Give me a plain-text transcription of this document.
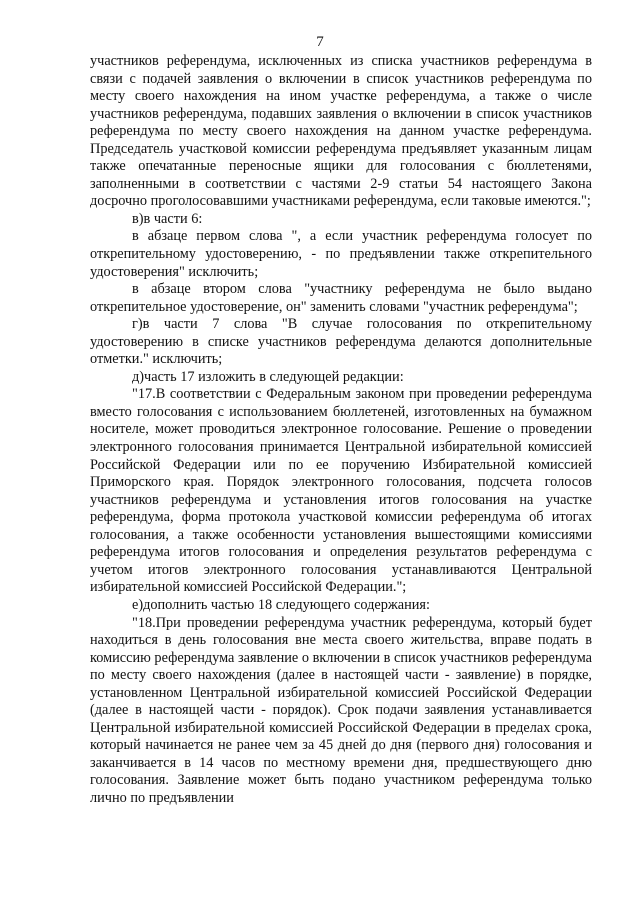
7

участников референдума, исключенных из списка участников референдума в связи с подачей заявления о включении в список участников референдума по месту своего нахождения на ином участке референдума, а также о числе участников референдума, подавших заявления о включении в список участников референдума по месту своего нахождения на данном участке референдума. Председатель участковой комиссии референдума предъявляет указанным лицам также опечатанные переносные ящики для голосования с бюллетенями, заполненными в соответствии с частями 2-9 статьи 54 настоящего Закона досрочно проголосовавшими участниками референдума, если таковые имеются.";

в)в части 6:

в абзаце первом слова ", а если участник референдума голосует по открепительному удостоверению, - по предъявлении также открепительного удостоверения" исключить;

в абзаце втором слова "участнику референдума не было выдано открепительное удостоверение, он" заменить словами "участник референдума";

г)в части 7 слова "В случае голосования по открепительному удостоверению в списке участников референдума делаются дополнительные отметки." исключить;

д)часть 17 изложить в следующей редакции:

"17.В соответствии с Федеральным законом при проведении референдума вместо голосования с использованием бюллетеней, изготовленных на бумажном носителе, может проводиться электронное голосование. Решение о проведении электронного голосования принимается Центральной избирательной комиссией Российской Федерации или по ее поручению Избирательной комиссией Приморского края. Порядок электронного голосования, подсчета голосов участников референдума и установления итогов голосования на участке референдума, форма протокола участковой комиссии референдума об итогах голосования, а также особенности установления вышестоящими комиссиями референдума итогов голосования и определения результатов референдума с учетом итогов электронного голосования устанавливаются Центральной избирательной комиссией Российской Федерации.";

е)дополнить частью 18 следующего содержания:

"18.При проведении референдума участник референдума, который будет находиться в день голосования вне места своего жительства, вправе подать в комиссию референдума заявление о включении в список участников референдума по месту своего нахождения (далее в настоящей части - заявление) в порядке, установленном Центральной избирательной комиссией Российской Федерации (далее в настоящей части - порядок). Срок подачи заявления устанавливается Центральной избирательной комиссией Российской Федерации в пределах срока, который начинается не ранее чем за 45 дней до дня (первого дня) голосования и заканчивается в 14 часов по местному времени дня, предшествующего дню голосования. Заявление может быть подано участником референдума только лично по предъявлении
